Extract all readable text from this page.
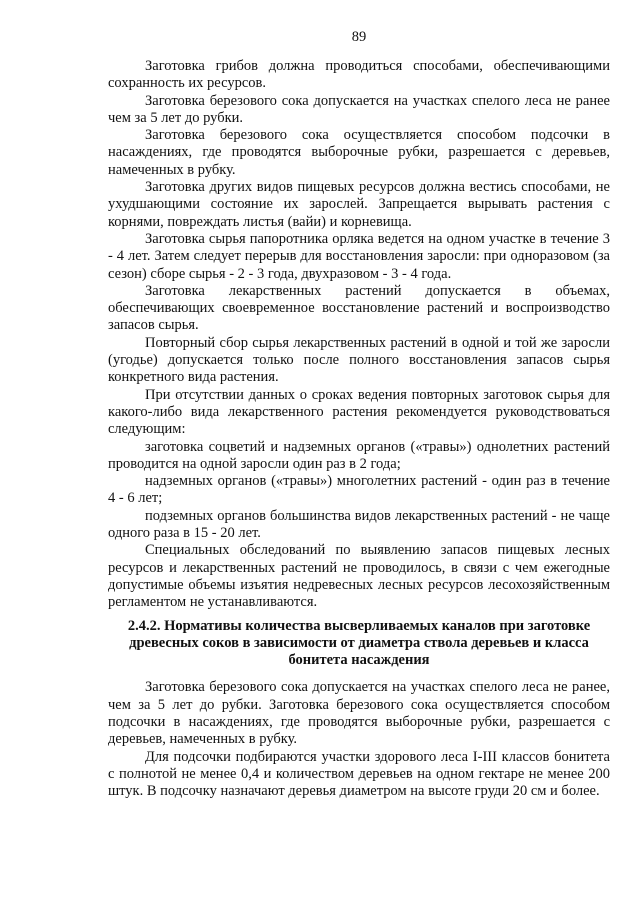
89

Заготовка грибов должна проводиться способами, обеспечивающими сохранность их ресурсов.

Заготовка березового сока допускается на участках спелого леса не ранее чем за 5 лет до рубки.

Заготовка березового сока осуществляется способом подсочки в насаждениях, где проводятся выборочные рубки, разрешается с деревьев, намеченных в рубку.

Заготовка других видов пищевых ресурсов должна вестись способами, не ухудшающими состояние их зарослей. Запрещается вырывать растения с корнями, повреждать листья (вайи) и корневища.

Заготовка сырья папоротника орляка ведется на одном участке в течение 3 - 4 лет. Затем следует перерыв для восстановления заросли: при одноразовом (за сезон) сборе сырья - 2 - 3 года, двухразовом - 3 - 4 года.

Заготовка лекарственных растений допускается в объемах, обеспечивающих своевременное восстановление растений и воспроизводство запасов сырья.

Повторный сбор сырья лекарственных растений в одной и той же заросли (угодье) допускается только после полного восстановления запасов сырья конкретного вида растения.

При отсутствии данных о сроках ведения повторных заготовок сырья для какого-либо вида лекарственного растения рекомендуется руководствоваться следующим:

заготовка соцветий и надземных органов («травы») однолетних растений проводится на одной заросли один раз в 2 года;

надземных органов («травы») многолетних растений - один раз в течение 4 - 6 лет;

подземных органов большинства видов лекарственных растений - не чаще одного раза в 15 - 20 лет.

Специальных обследований по выявлению запасов пищевых лесных ресурсов и лекарственных растений не проводилось, в связи с чем ежегодные допустимые объемы изъятия недревесных лесных ресурсов лесохозяйственным регламентом не устанавливаются.

2.4.2. Нормативы количества высверливаемых каналов при заготовке древесных соков в зависимости от диаметра ствола деревьев и класса бонитета насаждения

Заготовка березового сока допускается на участках спелого леса не ранее, чем за 5 лет до рубки. Заготовка березового сока осуществляется способом подсочки в насаждениях, где проводятся выборочные рубки, разрешается с деревьев, намеченных в рубку.

Для подсочки подбираются участки здорового леса I-III классов бонитета с полнотой не менее 0,4 и количеством деревьев на одном гектаре не менее 200 штук. В подсочку назначают деревья диаметром на высоте груди 20 см и более.
